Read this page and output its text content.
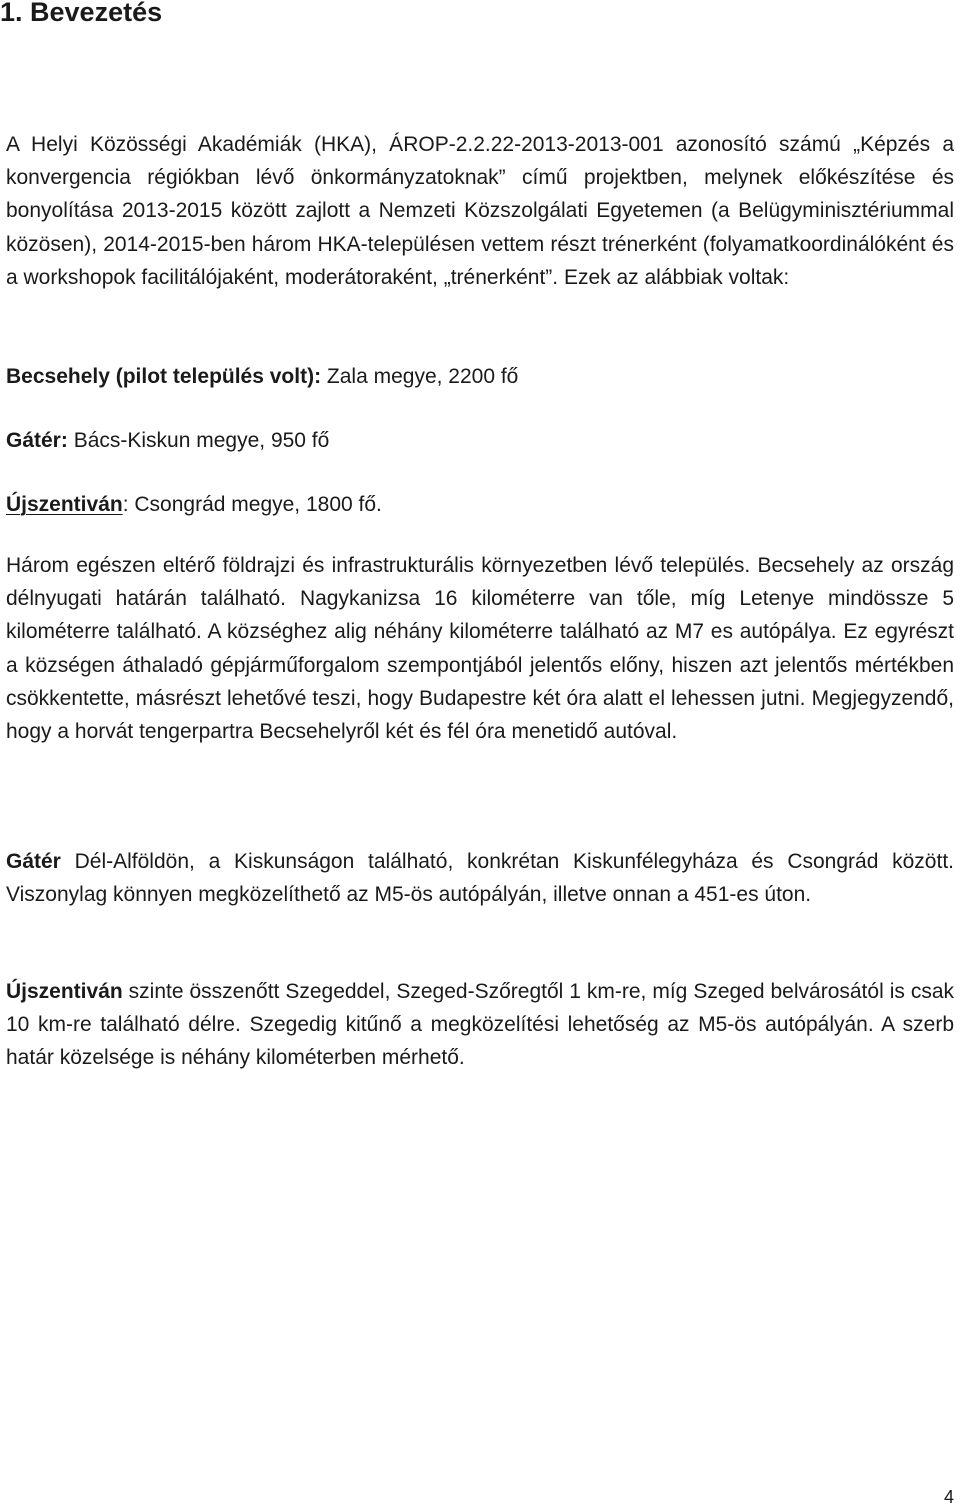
1. Bevezetés

A Helyi Közösségi Akadémiák (HKA), ÁROP-2.2.22-2013-2013-001 azonosító számú „Képzés a konvergencia régiókban lévő önkormányzatoknak” című projektben, melynek előkészítése és bonyolítása 2013-2015 között zajlott a Nemzeti Közszolgálati Egyetemen (a Belügyminisztériummal közösen), 2014-2015-ben három HKA-településen vettem részt trénerként (folyamatkoordinálóként és a workshopok facilitálójaként, moderátoraként, „trénerként”. Ezek az alábbiak voltak:

Becsehely (pilot település volt): Zala megye, 2200 fő

Gátér: Bács-Kiskun megye, 950 fő

Újszentiván: Csongrád megye, 1800 fő.

Három egészen eltérő földrajzi és infrastrukturális környezetben lévő település. Becsehely az ország délnyugati határán található. Nagykanizsa 16 kilométerre van tőle, míg Letenye mindössze 5 kilométerre található. A községhez alig néhány kilométerre található az M7 es autópálya. Ez egyrészt a községen áthaladó gépjárműforgalom szempontjából jelentős előny, hiszen azt jelentős mértékben csökkentette, másrészt lehetővé teszi, hogy Budapestre két óra alatt el lehessen jutni. Megjegyzendő, hogy a horvát tengerpartra Becsehelyről két és fél óra menetidő autóval.

Gátér Dél-Alföldön, a Kiskunságon található, konkrétan Kiskunfélegyháza és Csongrád között. Viszonylag könnyen megközelíthető az M5-ös autópályán, illetve onnan a 451-es úton.

Újszentiván szinte összenőtt Szegeddel, Szeged-Szőregtől 1 km-re, míg Szeged belvárosától is csak 10 km-re található délre. Szegedig kitűnő a megközelítési lehetőség az M5-ös autópályán. A szerb határ közelsége is néhány kilométerben mérhető.

4
